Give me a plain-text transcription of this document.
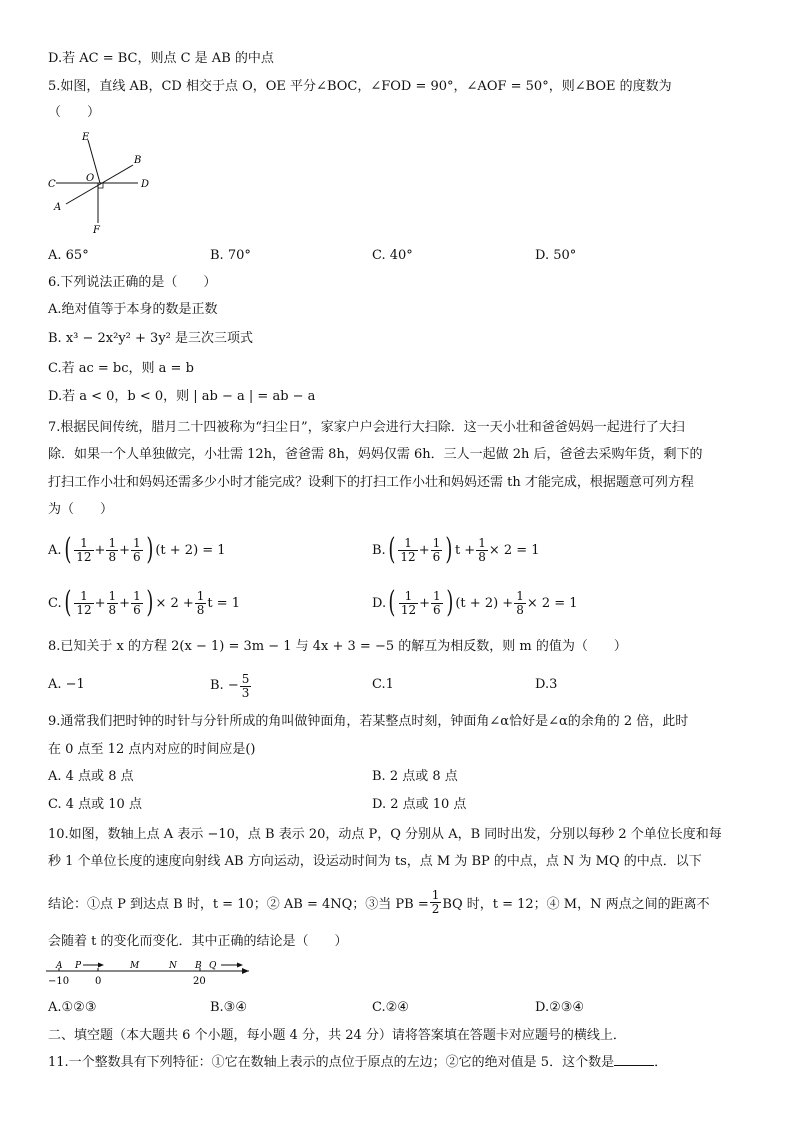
D.若 AC = BC，则点 C 是 AB 的中点
5.如图，直线 AB，CD 相交于点 O，OE 平分∠BOC，∠FOD = 90°，∠AOF = 50°，则∠BOE 的度数为
（　　）
E
B
C
O
D
A
F
A. 65°	B. 70°	C. 40°	D. 50°
6.下列说法正确的是（　　）
A.绝对值等于本身的数是正数
B. x³ − 2x²y² + 3y² 是三次三项式
C.若 ac = bc，则 a = b
D.若 a < 0，b < 0，则 | ab − a | = ab − a
7.根据民间传统，腊月二十四被称为“扫尘日”，家家户户会进行大扫除．这一天小壮和爸爸妈妈一起进行了大扫
除．如果一个人单独做完，小壮需 12h，爸爸需 8h，妈妈仅需 6h．三人一起做 2h 后，爸爸去采购年货，剩下的
打扫工作小壮和妈妈还需多少小时才能完成？设剩下的打扫工作小壮和妈妈还需 th 才能完成，根据题意可列方程
为（　　）
A. ( $\frac{1}{12} + \frac{1}{8} + \frac{1}{6}$ ) (t + 2) = 1	B. ( $\frac{1}{12} + \frac{1}{6}$ ) $t + \frac{1}{8} \times 2 = 1$
C. ( $\frac{1}{12} + \frac{1}{8} + \frac{1}{6}$ ) × $2 + \frac{1}{8}$ t = 1	D. ( $\frac{1}{12} + \frac{1}{6}$ ) $(t + 2) + \frac{1}{8} \times 2 = 1$
8.已知关于 x 的方程 2(x − 1) = 3m − 1 与 4x + 3 = −5 的解互为相反数，则 m 的值为（　　）
A. −1	B. − $\frac{5}{3}$	C.1	D.3
9.通常我们把时钟的时针与分针所成的角叫做钟面角，若某整点时刻，钟面角∠α恰好是∠α的余角的 2 倍，此时
在 0 点至 12 点内对应的时间应是()
A. 4 点或 8 点	B. 2 点或 8 点
C. 4 点或 10 点	D. 2 点或 10 点
10.如图，数轴上点 A 表示 −10，点 B 表示 20，动点 P，Q 分别从 A，B 同时出发，分别以每秒 2 个单位长度和每
秒 1 个单位长度的速度向射线 AB 方向运动，设运动时间为 ts，点 M 为 BP 的中点，点 N 为 MQ 的中点．以下
结论：①点 P 到达点 B 时，t = 10；② AB = 4NQ；③当 PB = $\frac{1}{2}$ BQ 时，t = 12；④ M，N 两点之间的距离不
会随着 t 的变化而变化．其中正确的结论是（　　）
A P	M	N B Q
−10	0	20
A.①②③	B.③④	C.②④	D.②③④
二、填空题（本大题共 6 个小题，每小题 4 分，共 24 分）请将答案填在答题卡对应题号的横线上．
11.一个整数具有下列特征：①它在数轴上表示的点位于原点的左边；②它的绝对值是 5．这个数是	．
